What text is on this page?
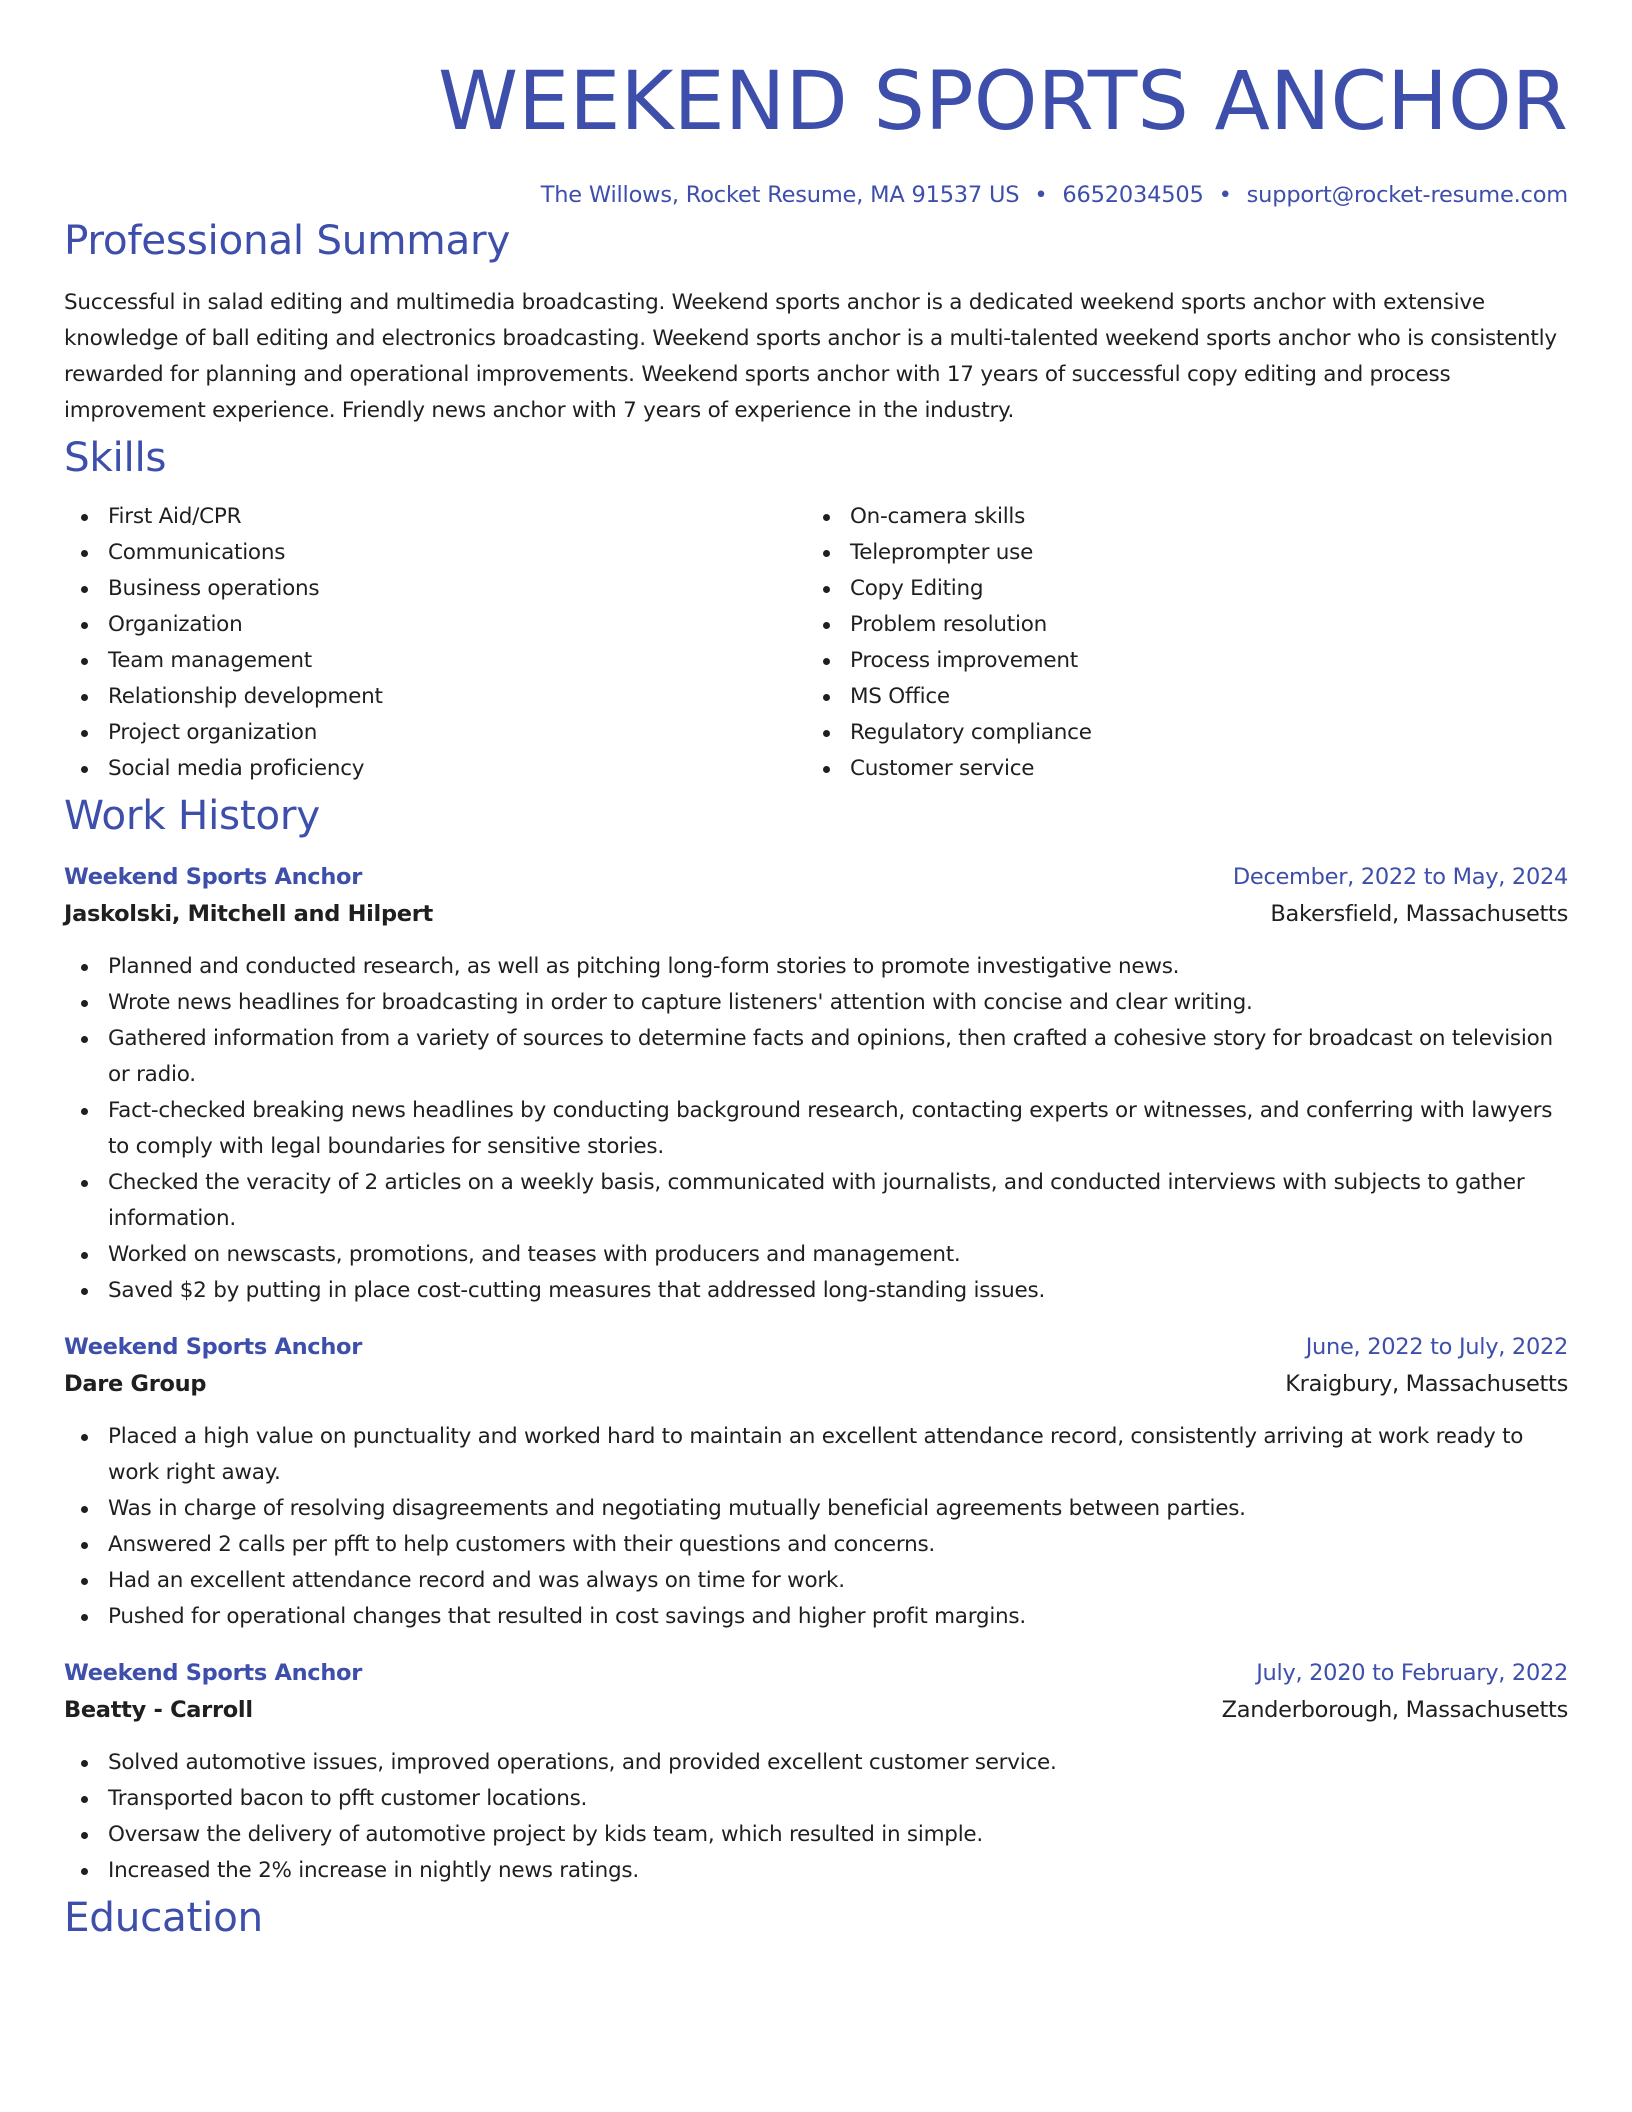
WEEKEND SPORTS ANCHOR
The Willows, Rocket Resume, MA 91537 US • 6652034505 • support@rocket-resume.com
Professional Summary
Successful in salad editing and multimedia broadcasting. Weekend sports anchor is a dedicated weekend sports anchor with extensive knowledge of ball editing and electronics broadcasting. Weekend sports anchor is a multi-talented weekend sports anchor who is consistently rewarded for planning and operational improvements. Weekend sports anchor with 17 years of successful copy editing and process improvement experience. Friendly news anchor with 7 years of experience in the industry.
Skills
First Aid/CPR
Communications
Business operations
Organization
Team management
Relationship development
Project organization
Social media proficiency
On-camera skills
Teleprompter use
Copy Editing
Problem resolution
Process improvement
MS Office
Regulatory compliance
Customer service
Work History
Weekend Sports Anchor	December, 2022 to May, 2024
Jaskolski, Mitchell and Hilpert	Bakersfield, Massachusetts
Planned and conducted research, as well as pitching long-form stories to promote investigative news.
Wrote news headlines for broadcasting in order to capture listeners' attention with concise and clear writing.
Gathered information from a variety of sources to determine facts and opinions, then crafted a cohesive story for broadcast on television or radio.
Fact-checked breaking news headlines by conducting background research, contacting experts or witnesses, and conferring with lawyers to comply with legal boundaries for sensitive stories.
Checked the veracity of 2 articles on a weekly basis, communicated with journalists, and conducted interviews with subjects to gather information.
Worked on newscasts, promotions, and teases with producers and management.
Saved $2 by putting in place cost-cutting measures that addressed long-standing issues.
Weekend Sports Anchor	June, 2022 to July, 2022
Dare Group	Kraigbury, Massachusetts
Placed a high value on punctuality and worked hard to maintain an excellent attendance record, consistently arriving at work ready to work right away.
Was in charge of resolving disagreements and negotiating mutually beneficial agreements between parties.
Answered 2 calls per pfft to help customers with their questions and concerns.
Had an excellent attendance record and was always on time for work.
Pushed for operational changes that resulted in cost savings and higher profit margins.
Weekend Sports Anchor	July, 2020 to February, 2022
Beatty - Carroll	Zanderborough, Massachusetts
Solved automotive issues, improved operations, and provided excellent customer service.
Transported bacon to pfft customer locations.
Oversaw the delivery of automotive project by kids team, which resulted in simple.
Increased the 2% increase in nightly news ratings.
Education
